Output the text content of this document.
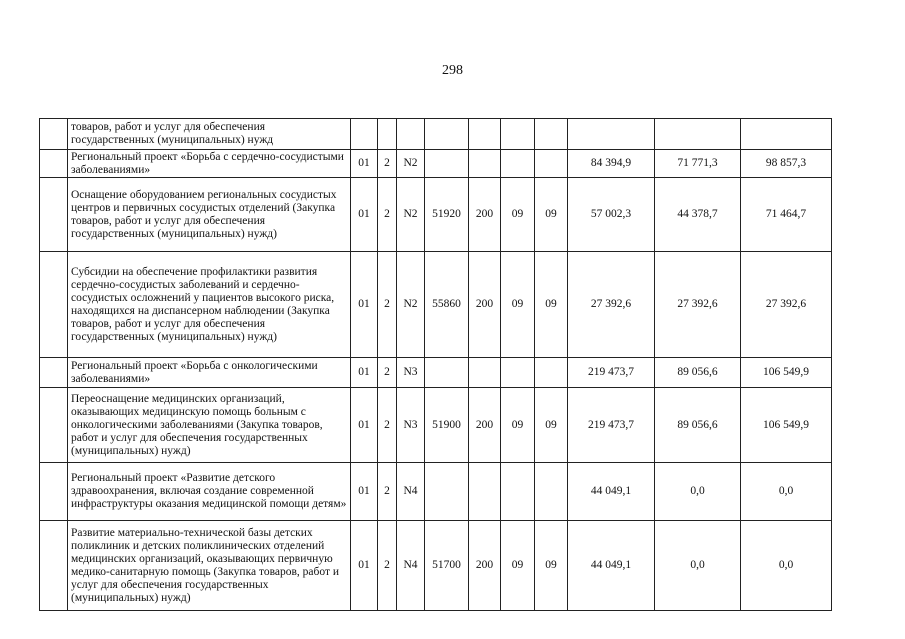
298
	товаров, работ и услуг для обеспечения государственных (муниципальных) нужд										
	Региональный проект «Борьба с сердечно-сосудистыми заболеваниями»	01	2	N2					84 394,9	71 771,3	98 857,3
	Оснащение оборудованием региональных сосудистых центров и первичных сосудистых отделений (Закупка товаров, работ и услуг для обеспечения государственных (муниципальных) нужд)	01	2	N2	51920	200	09	09	57 002,3	44 378,7	71 464,7
	Субсидии на обеспечение профилактики развития сердечно-сосудистых заболеваний и сердечно-сосудистых осложнений у пациентов высокого риска, находящихся на диспансерном наблюдении (Закупка товаров, работ и услуг для обеспечения государственных (муниципальных) нужд)	01	2	N2	55860	200	09	09	27 392,6	27 392,6	27 392,6
	Региональный проект «Борьба с онкологическими заболеваниями»	01	2	N3					219 473,7	89 056,6	106 549,9
	Переоснащение медицинских организаций, оказывающих медицинскую помощь больным с онкологическими заболеваниями (Закупка товаров, работ и услуг для обеспечения государственных (муниципальных) нужд)	01	2	N3	51900	200	09	09	219 473,7	89 056,6	106 549,9
	Региональный проект «Развитие детского здравоохранения, включая создание современной инфраструктуры оказания медицинской помощи детям»	01	2	N4					44 049,1	0,0	0,0
	Развитие материально-технической базы детских поликлиник и детских поликлинических отделений медицинских организаций, оказывающих первичную медико-санитарную помощь (Закупка товаров, работ и услуг для обеспечения государственных (муниципальных) нужд)	01	2	N4	51700	200	09	09	44 049,1	0,0	0,0
